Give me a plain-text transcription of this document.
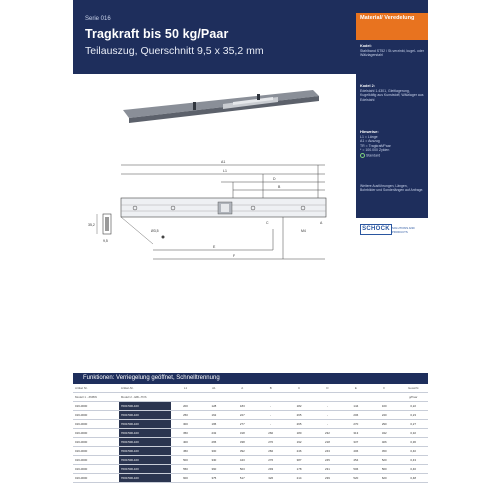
Serie 016
Tragkraft bis 50 kg/Paar
Teilauszug, Querschnitt 9,5 x 35,2 mm
Material/ Veredelung
Kodel:
Stahlband ST52 / St-verzinkt, kugel- oder Wälzlagerstahl
Kodel 2:
Edelstahl 1.4301, Gleitlagerung, Kugelkäfig aus Kunststoff, Wälzlager aus Edelstahl
Hinweise:
L1 = Länge
A1 = Auszug
TR = Tragkraft/Paar
* = 100.000 Zyklen
Standard
Weitere Ausführungen, Längen, Bohrbilder und Sonderlängen auf Anfrage.
SCHOCK SOLUTIONS AND PRODUCTS
A1
L1
D
B
C	A
E
F
35,2
9,5
Ø3,5	M4
Funktionen: Verriegelung geöffnet, Schnelltrennung
Artikel Nr.	Artikel-Nr.	L1	A1	A	B	C	D	E	F	Gewicht
Modell 1 - ZNBW	Modell 2 - EBL-TDS									g/Paar
016-0000	7000.500-100	200	128	183	-	182	-	144	160	0,22
016-0000	7000.500-100	250	162	227	-	265	-	206	240	0,23
016-0000	7000.500-100	300	195	277	-	265	-	270	290	0,27
016-0000	7000.500-100	350	232	318	260	180	232	313	342	0,32
016-0000	7000.500-100	400	265	338	270	192	218	337	406	0,36
016-0000	7000.500-100	450	300	392	282	246	243	406	450	0,40
016-0000	7000.500-100	500	330	443	276	387	245	454	520	0,43
016-0000	7000.500-100	550	360	503	293	178	231	506	560	0,46
016-0000	7000.500-100	600	375	517	326	214	239	520	620	0,48
